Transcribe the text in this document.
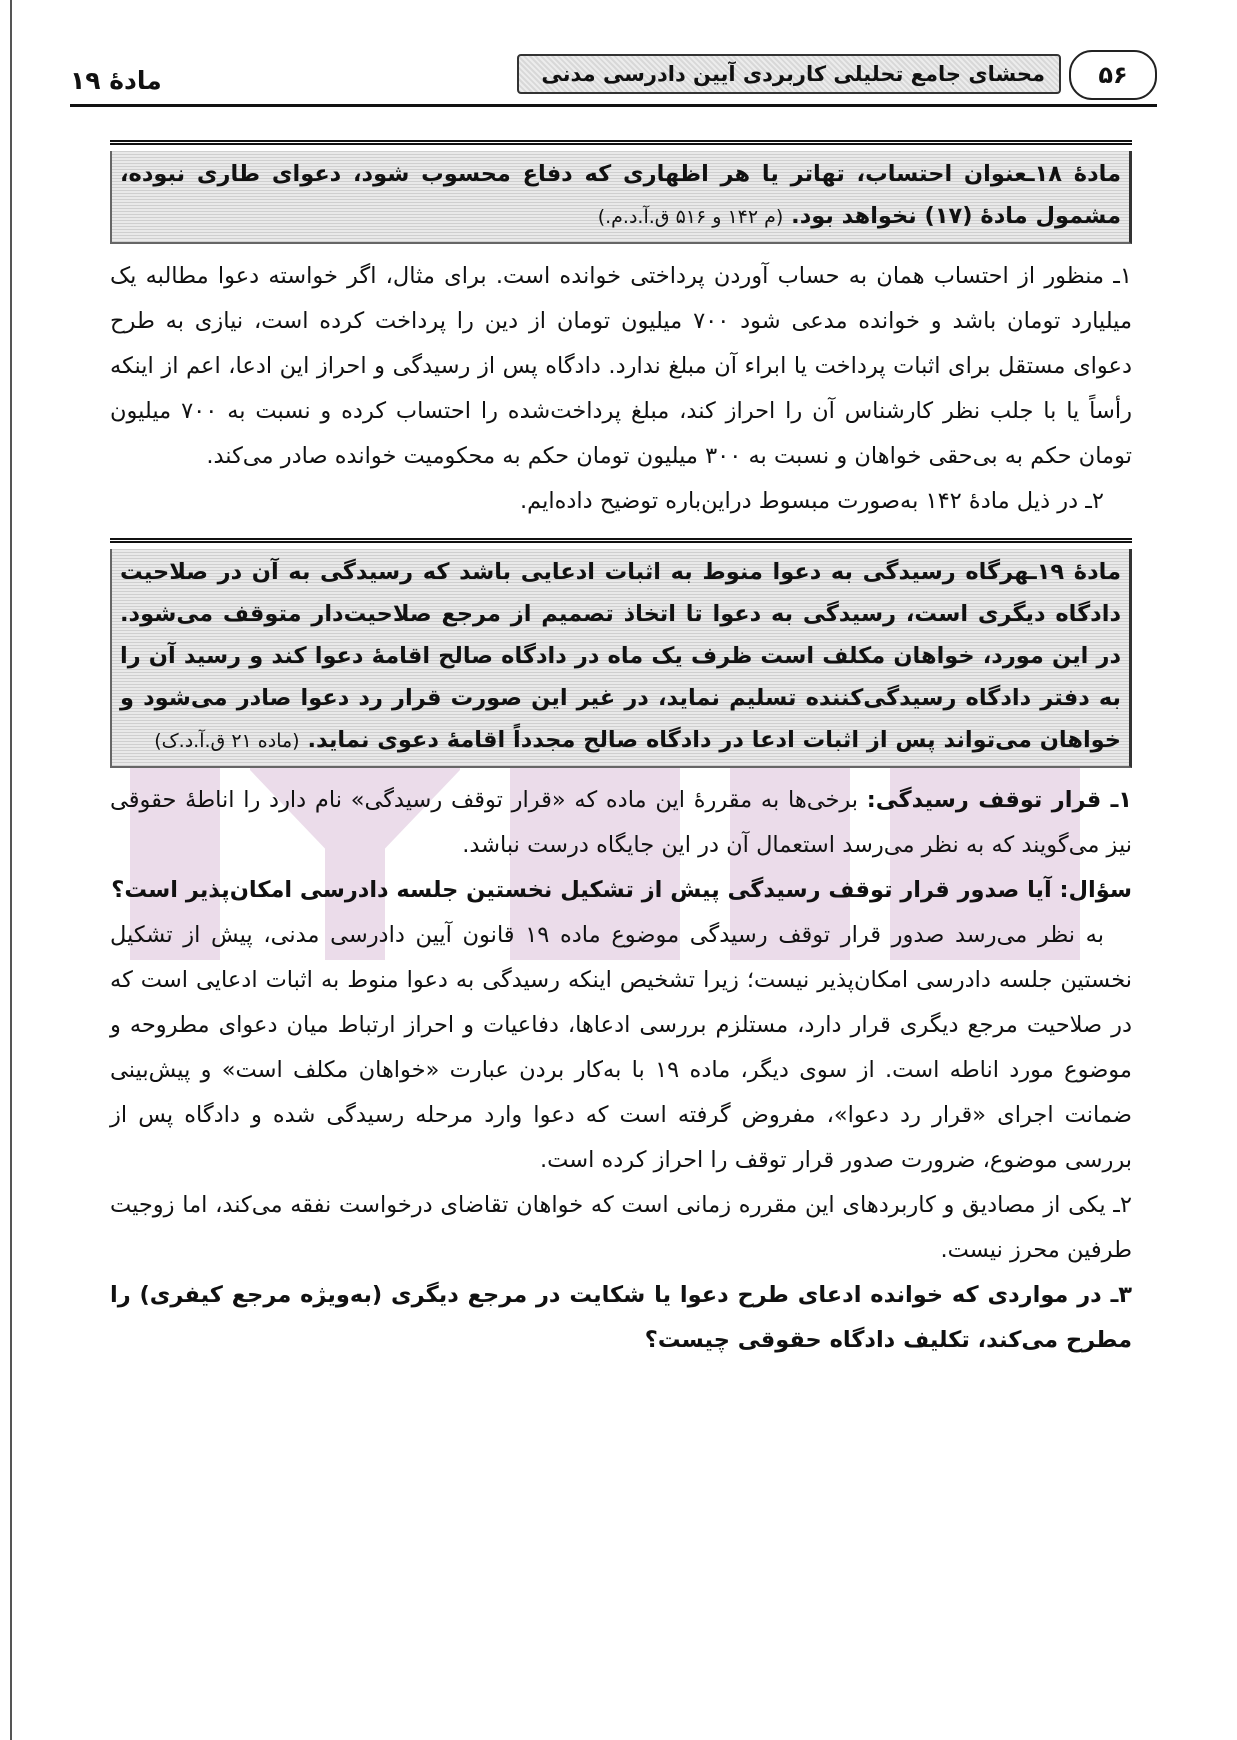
مادهٔ ۱۹	۵۶
محشای جامع تحلیلی کاربردی آیین دادرسی مدنی
مادهٔ ۱۸ـعنوان احتساب، تهاتر یا هر اظهاری که دفاع محسوب شود، دعوای طاری نبوده، مشمول مادهٔ (۱۷) نخواهد بود. (م ۱۴۲ و ۵۱۶ ق.آ.د.م.)

۱ـ منظور از احتساب همان به حساب آوردن پرداختی خوانده است. برای مثال، اگر خواسته دعوا مطالبه یک میلیارد تومان باشد و خوانده مدعی شود ۷۰۰ میلیون تومان از دین را پرداخت کرده است، نیازی به طرح دعوای مستقل برای اثبات پرداخت یا ابراء آن مبلغ ندارد. دادگاه پس از رسیدگی و احراز این ادعا، اعم از اینکه رأساً یا با جلب نظر کارشناس آن را احراز کند، مبلغ پرداخت‌شده را احتساب کرده و نسبت به ۷۰۰ میلیون تومان حکم به بی‌حقی خواهان و نسبت به ۳۰۰ میلیون تومان حکم به محکومیت خوانده صادر می‌کند.

۲ـ در ذیل مادهٔ ۱۴۲ به‌صورت مبسوط دراین‌باره توضیح داده‌ایم.

مادهٔ ۱۹ـهرگاه رسیدگی به دعوا منوط به اثبات ادعایی باشد که رسیدگی به آن در صلاحیت دادگاه دیگری است، رسیدگی به دعوا تا اتخاذ تصمیم از مرجع صلاحیت‌دار متوقف می‌شود. در این مورد، خواهان مکلف است ظرف یک ماه در دادگاه صالح اقامهٔ دعوا کند و رسید آن را به دفتر دادگاه رسیدگی‌کننده تسلیم نماید، در غیر این صورت قرار رد دعوا صادر می‌شود و خواهان می‌تواند پس از اثبات ادعا در دادگاه صالح مجدداً اقامهٔ دعوی نماید. (ماده ۲۱ ق.آ.د.ک)

۱ـ قرار توقف رسیدگی: برخی‌ها به مقررهٔ این ماده که «قرار توقف رسیدگی» نام دارد را اناطهٔ حقوقی نیز می‌گویند که به نظر می‌رسد استعمال آن در این جایگاه درست نباشد.

سؤال: آیا صدور قرار توقف رسیدگی پیش از تشکیل نخستین جلسه دادرسی امکان‌پذیر است؟

به نظر می‌رسد صدور قرار توقف رسیدگی موضوع ماده ۱۹ قانون آیین دادرسی مدنی، پیش از تشکیل نخستین جلسه دادرسی امکان‌پذیر نیست؛ زیرا تشخیص اینکه رسیدگی به دعوا منوط به اثبات ادعایی است که در صلاحیت مرجع دیگری قرار دارد، مستلزم بررسی ادعاها، دفاعیات و احراز ارتباط میان دعوای مطروحه و موضوع مورد اناطه است. از سوی دیگر، ماده ۱۹ با به‌کار بردن عبارت «خواهان مکلف است» و پیش‌بینی ضمانت اجرای «قرار رد دعوا»، مفروض گرفته است که دعوا وارد مرحله رسیدگی شده و دادگاه پس از بررسی موضوع، ضرورت صدور قرار توقف را احراز کرده است.

۲ـ یکی از مصادیق و کاربردهای این مقرره زمانی است که خواهان تقاضای درخواست نفقه می‌کند، اما زوجیت طرفین محرز نیست.

۳ـ در مواردی که خوانده ادعای طرح دعوا یا شکایت در مرجع دیگری (به‌ویژه مرجع کیفری) را مطرح می‌کند، تکلیف دادگاه حقوقی چیست؟
